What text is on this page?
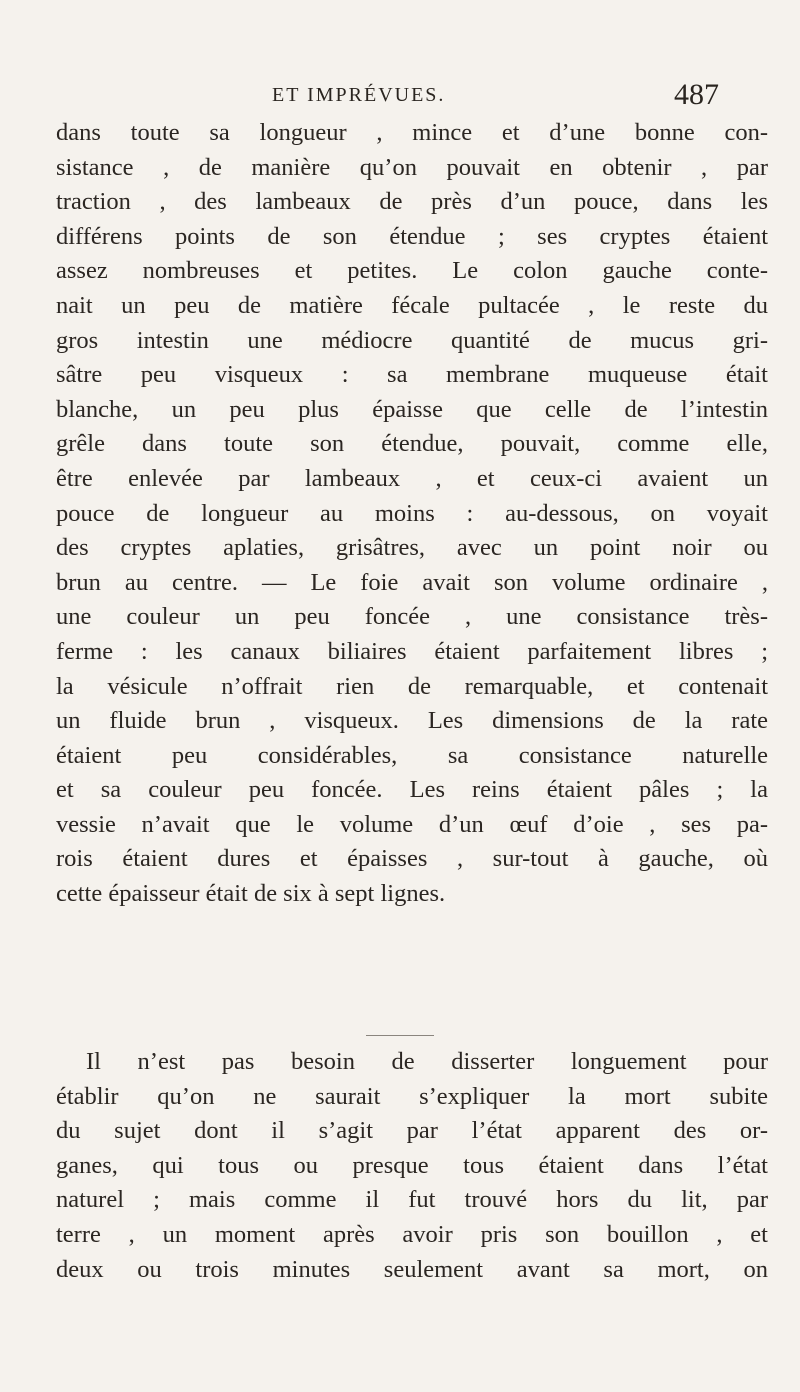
ET IMPRÉVUES.	487
dans toute sa longueur , mince et d’une bonne con-
sistance , de manière qu’on pouvait en obtenir , par
traction , des lambeaux de près d’un pouce, dans les
différens points de son étendue ; ses cryptes étaient
assez nombreuses et petites. Le colon gauche conte-
nait un peu de matière fécale pultacée , le reste du
gros intestin une médiocre quantité de mucus gri-
sâtre peu visqueux : sa membrane muqueuse était
blanche, un peu plus épaisse que celle de l’intestin
grêle dans toute son étendue, pouvait, comme elle,
être enlevée par lambeaux , et ceux-ci avaient un
pouce de longueur au moins : au-dessous, on voyait
des cryptes aplaties, grisâtres, avec un point noir ou
brun au centre. — Le foie avait son volume ordinaire ,
une couleur un peu foncée , une consistance très-
ferme : les canaux biliaires étaient parfaitement libres ;
la vésicule n’offrait rien de remarquable, et contenait
un fluide brun , visqueux. Les dimensions de la rate
étaient peu considérables, sa consistance naturelle
et sa couleur peu foncée. Les reins étaient pâles ; la
vessie n’avait que le volume d’un œuf d’oie , ses pa-
rois étaient dures et épaisses , sur-tout à gauche, où
cette épaisseur était de six à sept lignes.
Il n’est pas besoin de disserter longuement pour
établir qu’on ne saurait s’expliquer la mort subite
du sujet dont il s’agit par l’état apparent des or-
ganes, qui tous ou presque tous étaient dans l’état
naturel ; mais comme il fut trouvé hors du lit, par
terre , un moment après avoir pris son bouillon , et
deux ou trois minutes seulement avant sa mort, on
